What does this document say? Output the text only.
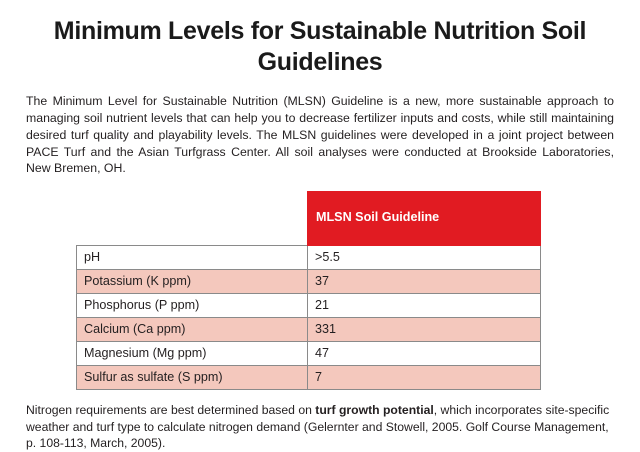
Minimum Levels for Sustainable Nutrition Soil Guidelines

The Minimum Level for Sustainable Nutrition (MLSN) Guideline is a new, more sustainable approach to managing soil nutrient levels that can help you to decrease fertilizer inputs and costs, while still maintaining desired turf quality and playability levels. The MLSN guidelines were developed in a joint project between PACE Turf and the Asian Turfgrass Center. All soil analyses were conducted at Brookside Laboratories, New Bremen, OH.

	MLSN Soil Guideline
pH	>5.5
Potassium (K ppm)	37
Phosphorus (P ppm)	21
Calcium (Ca ppm)	331
Magnesium (Mg ppm)	47
Sulfur as sulfate (S ppm)	7

Nitrogen requirements are best determined based on turf growth potential, which incorporates site-specific weather and turf type to calculate nitrogen demand (Gelernter and Stowell, 2005. Golf Course Management, p. 108-113, March, 2005).
